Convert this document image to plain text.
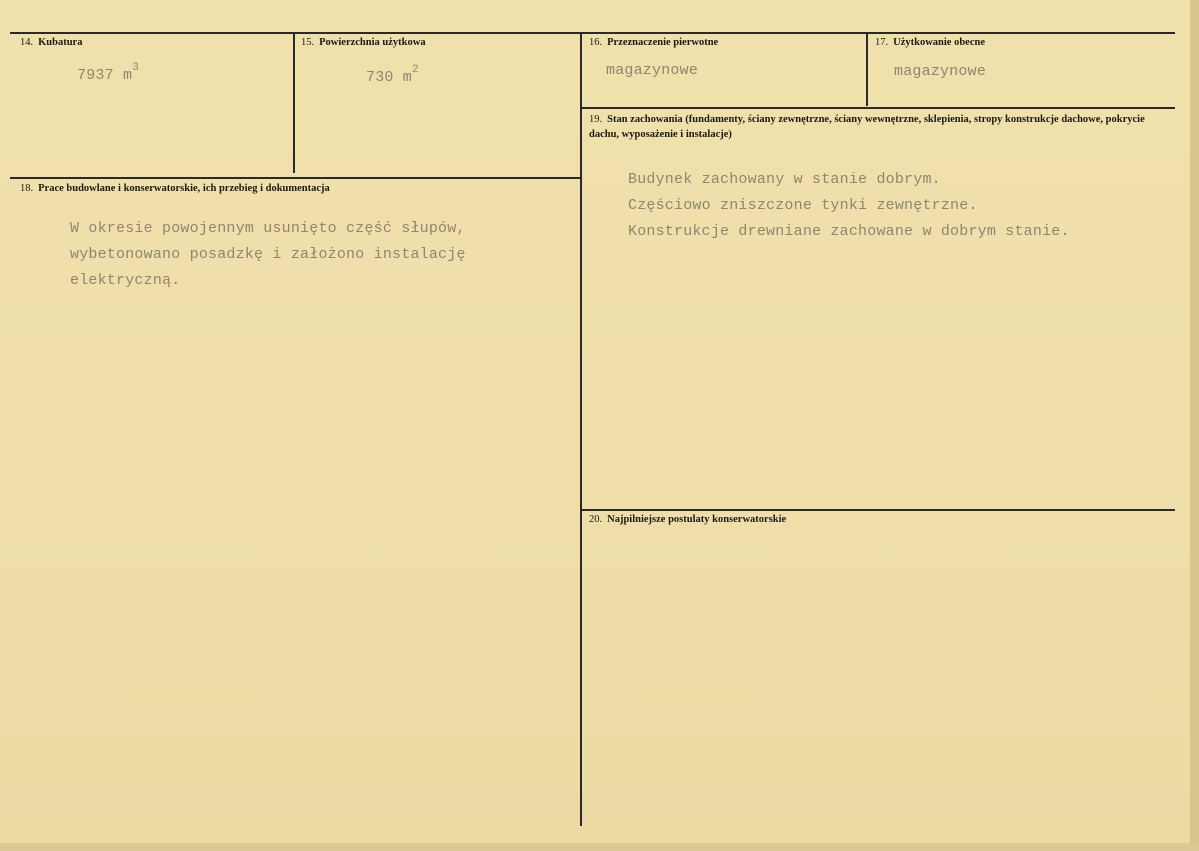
14. Kubatura
7937 $m^3$
15. Powierzchnia użytkowa
730 $m^2$
16. Przeznaczenie pierwotne
magazynowe
17. Użytkowanie obecne
magazynowe
18. Prace budowlane i konserwatorskie, ich przebieg i dokumentacja

W okresie powojennym usunięto część słupów,

wybetonowano posadzkę i założono instalację

elektryczną.

19. Stan zachowania (fundamenty, ściany zewnętrzne, ściany wewnętrzne, sklepienia, stropy konstrukcje dachowe, pokrycie dachu, wyposażenie i instalacje)

Budynek zachowany w stanie dobrym.

Częściowo zniszczone tynki zewnętrzne.

Konstrukcje drewniane zachowane w dobrym stanie.

20. Najpilniejsze postulaty konserwatorskie
